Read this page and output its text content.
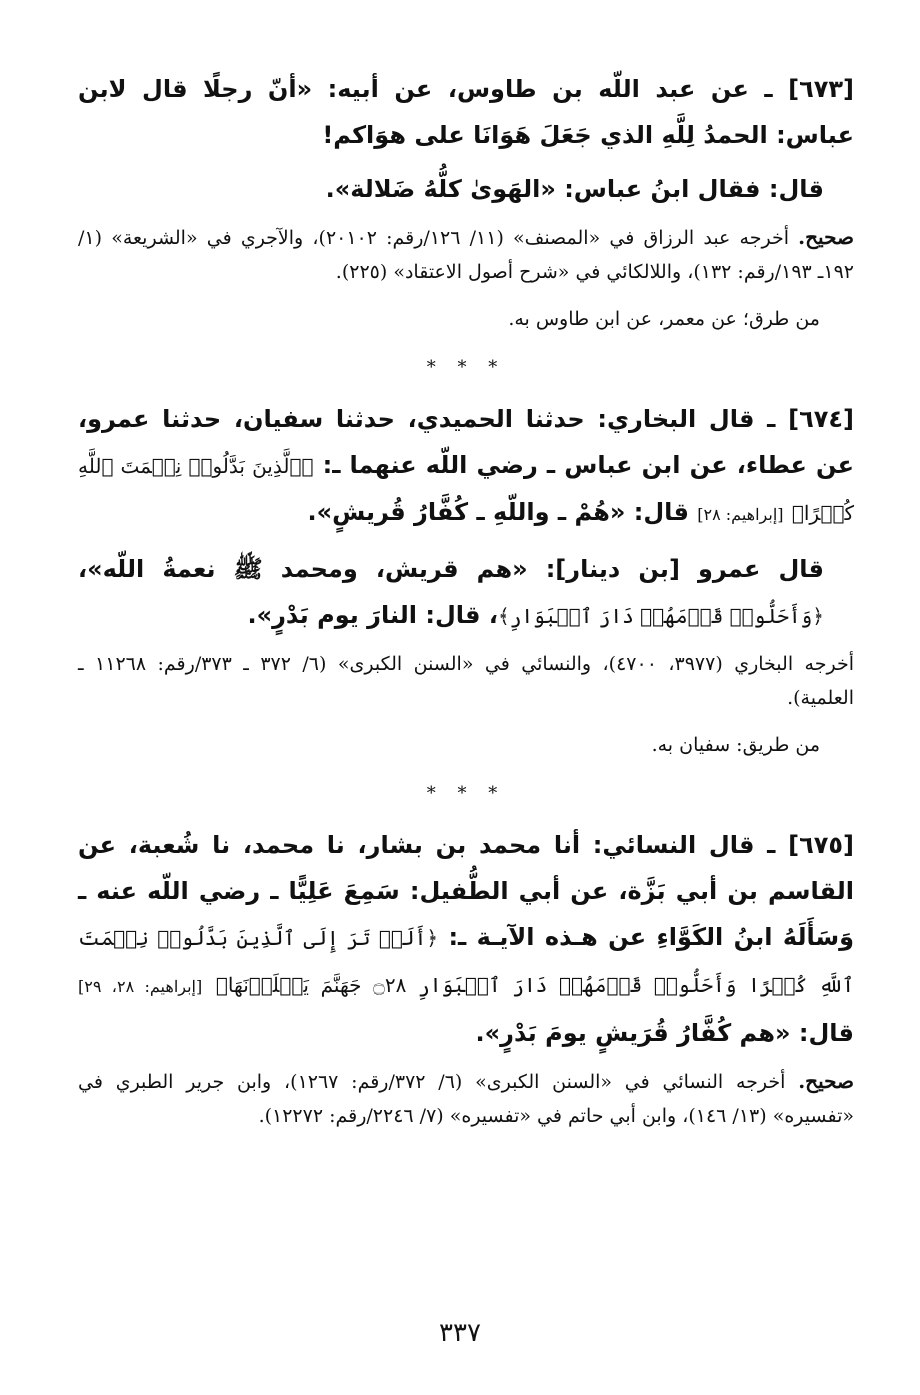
[٦٧٣] ـ عن عبد اللّه بن طاوس، عن أبيه: «أنّ رجلًا قال لابن عباس: الحمدُ لِلَّهِ الذي جَعَلَ هَوَانَا على هوَاكم!

قال: فقال ابنُ عباس: «الهَوىٰ كلُّهُ ضَلالة».

صحيح. أخرجه عبد الرزاق في «المصنف» (١١/ ١٢٦/رقم: ٢٠١٠٢)، والآجري في «الشريعة» (١/ ١٩٢ـ ١٩٣/رقم: ١٣٢)، واللالكائي في «شرح أصول الاعتقاد» (٢٢٥).

من طرق؛ عن معمر، عن ابن طاوس به.

* * *

[٦٧٤] ـ قال البخاري: حدثنا الحميدي، حدثنا سفيان، حدثنا عمرو، عن عطاء، عن ابن عباس ـ رضي اللّه عنهما ـ: ﴿ٱلَّذِينَ بَدَّلُوا۟ نِعۡمَتَ ٱللَّهِ كُفۡرًا﴾ [إبراهيم: ٢٨] قال: «هُمْ ـ واللّهِ ـ كُفَّارُ قُريشٍ».

قال عمرو [بن دينار]: «هم قريش، ومحمد ﷺ نعمةُ اللّه»، ﴿وَأَحَلُّوا۟ قَوۡمَهُمۡ دَارَ ٱلۡبَوَارِ﴾، قال: النارَ يوم بَدْرٍ».

أخرجه البخاري (٣٩٧٧، ٤٧٠٠)، والنسائي في «السنن الكبرى» (٦/ ٣٧٢ ـ ٣٧٣/رقم: ١١٢٦٨ ـ العلمية).

من طريق: سفيان به.

* * *

[٦٧٥] ـ قال النسائي: أنا محمد بن بشار، نا محمد، نا شُعبة، عن القاسم بن أبي بَزَّة، عن أبي الطُّفيل: سَمِعَ عَلِيًّا ـ رضي اللّه عنه ـ وَسَأَلَهُ ابنُ الكَوَّاءِ عن هـذه الآيـة ـ: ﴿أَلَمۡ تَرَ إِلَى ٱلَّذِينَ بَدَّلُوا۟ نِعۡمَتَ ٱللَّهِ كُفۡرًا وَأَحَلُّوا۟ قَوۡمَهُمۡ دَارَ ٱلۡبَوَارِ ۝٢٨ جَهَنَّمَ يَصۡلَوۡنَهَا﴾ [إبراهيم: ٢٨، ٢٩] قال: «هم كُفَّارُ قُرَيشٍ يومَ بَدْرٍ».

صحيح. أخرجه النسائي في «السنن الكبرى» (٦/ ٣٧٢/رقم: ١٢٦٧)، وابن جرير الطبري في «تفسيره» (١٣/ ١٤٦)، وابن أبي حاتم في «تفسيره» (٧/ ٢٢٤٦/رقم: ١٢٢٧٢).

٣٣٧
